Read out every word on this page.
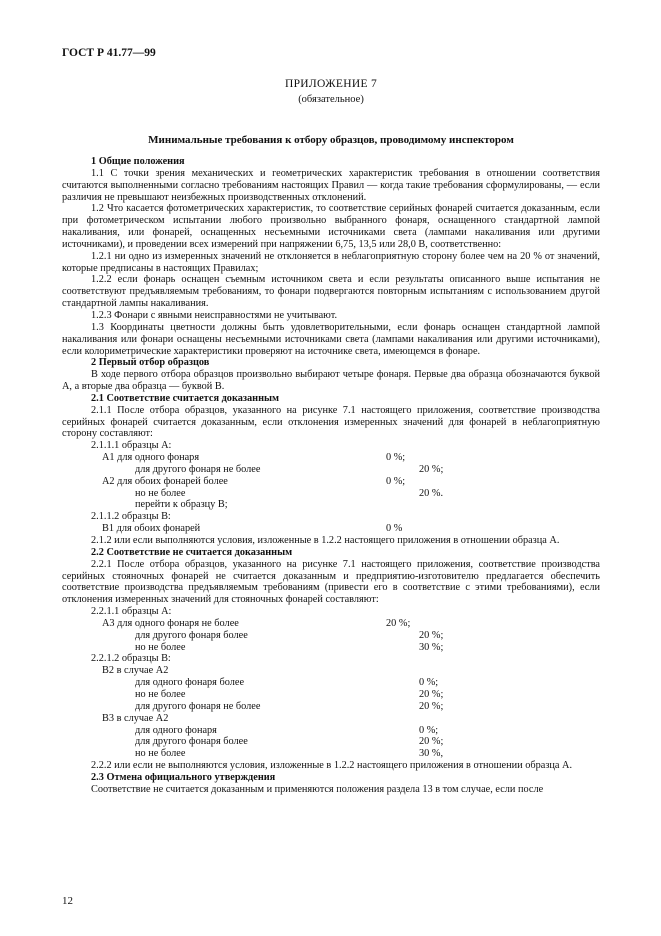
ГОСТ Р 41.77—99
ПРИЛОЖЕНИЕ 7
(обязательное)
Минимальные требования к отбору образцов, проводимому инспектором

1 Общие положения

1.1 С точки зрения механических и геометрических характеристик требования в отношении соответствия считаются выполненными согласно требованиям настоящих Правил — когда такие требования сформулированы, — если различия не превышают неизбежных производственных отклонений.

1.2 Что касается фотометрических характеристик, то соответствие серийных фонарей считается доказанным, если при фотометрическом испытании любого произвольно выбранного фонаря, оснащенного стандартной лампой накаливания, или фонарей, оснащенных несъемными источниками света (лампами накаливания или другими источниками), и проведении всех измерений при напряжении 6,75, 13,5 или 28,0 В, соответственно:

1.2.1 ни одно из измеренных значений не отклоняется в неблагоприятную сторону более чем на 20 % от значений, которые предписаны в настоящих Правилах;

1.2.2 если фонарь оснащен съемным источником света и если результаты описанного выше испытания не соответствуют предъявляемым требованиям, то фонари подвергаются повторным испытаниям с использованием другой стандартной лампы накаливания.

1.2.3 Фонари с явными неисправностями не учитывают.

1.3 Координаты цветности должны быть удовлетворительными, если фонарь оснащен стандартной лампой накаливания или фонари оснащены несъемными источниками света (лампами накаливания или другими источниками), если колориметрические характеристики проверяют на источнике света, имеющемся в фонаре.

2 Первый отбор образцов

В ходе первого отбора образцов произвольно выбирают четыре фонаря. Первые два образца обозначаются буквой А, а вторые два образца — буквой В.

2.1 Соответствие считается доказанным

2.1.1 После отбора образцов, указанного на рисунке 7.1 настоящего приложения, соответствие производства серийных фонарей считается доказанным, если отклонения измеренных значений для фонарей в неблагоприятную сторону составляют:

2.1.1.1 образцы А:

А1 для одного фонаря	0 %;
для другого фонаря не более	20 %;
А2 для обоих фонарей более	0 %;
но не более	20 %.
перейти к образцу В;

2.1.1.2 образцы В:

В1 для обоих фонарей	0 %

2.1.2 или если выполняются условия, изложенные в 1.2.2 настоящего приложения в отношении образца А.

2.2 Соответствие не считается доказанным

2.2.1 После отбора образцов, указанного на рисунке 7.1 настоящего приложения, соответствие производства серийных стояночных фонарей не считается доказанным и предприятию-изготовителю предлагается обеспечить соответствие производства предъявляемым требованиям (привести его в соответствие с этими требованиями), если отклонения измеренных значений для стояночных фонарей составляют:

2.2.1.1 образцы А:

А3 для одного фонаря не более	20 %;
для другого фонаря более	20 %;
но не более	30 %;

2.2.1.2 образцы В:

В2 в случае А2
для одного фонаря более	0 %;
но не более	20 %;
для другого фонаря не более	20 %;
В3 в случае А2
для одного фонаря	0 %;
для другого фонаря более	20 %;
но не более	30 %,

2.2.2 или если не выполняются условия, изложенные в 1.2.2 настоящего приложения в отношении образца А.

2.3 Отмена официального утверждения

Соответствие не считается доказанным и применяются положения раздела 13 в том случае, если после

12
